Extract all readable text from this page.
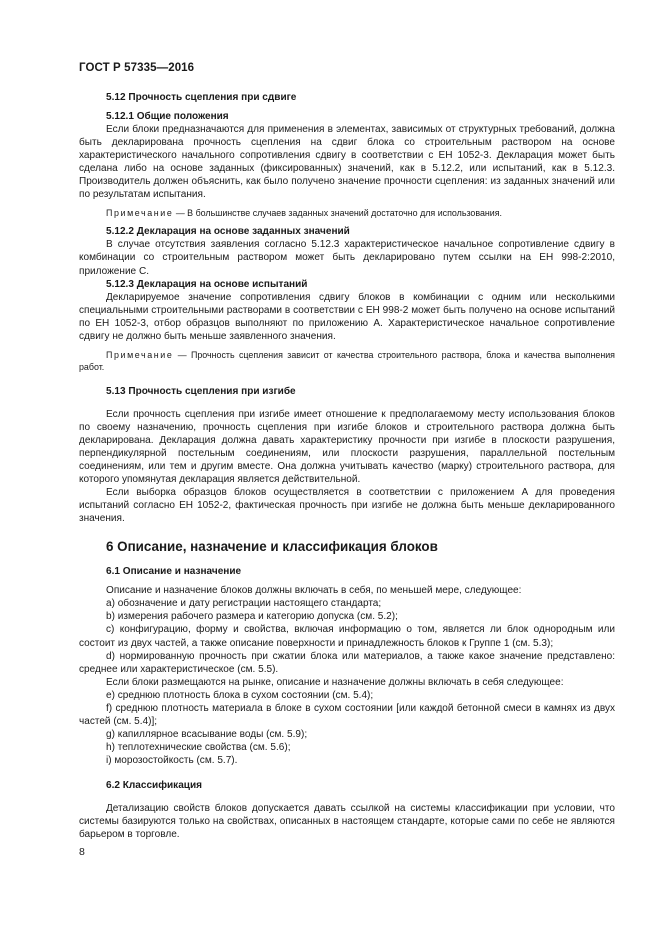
ГОСТ Р 57335—2016

5.12 Прочность сцепления при сдвиге

5.12.1 Общие положения

Если блоки предназначаются для применения в элементах, зависимых от структурных требований, должна быть декларирована прочность сцепления на сдвиг блока со строительным раствором на основе характеристического начального сопротивления сдвигу в соответствии с ЕН 1052-3. Декларация может быть сделана либо на основе заданных (фиксированных) значений, как в 5.12.2, или испытаний, как в 5.12.3. Производитель должен объяснить, как было получено значение прочности сцепления: из заданных значений или по результатам испытания.

Примечание — В большинстве случаев заданных значений достаточно для использования.

5.12.2 Декларация на основе заданных значений

В случае отсутствия заявления согласно 5.12.3 характеристическое начальное сопротивление сдвигу в комбинации со строительным раствором может быть декларировано путем ссылки на ЕН 998-2:2010, приложение С.

5.12.3 Декларация на основе испытаний

Декларируемое значение сопротивления сдвигу блоков в комбинации с одним или несколькими специальными строительными растворами в соответствии с ЕН 998-2 может быть получено на основе испытаний по ЕН 1052-3, отбор образцов выполняют по приложению А. Характеристическое начальное сопротивление сдвигу не должно быть меньше заявленного значения.

Примечание — Прочность сцепления зависит от качества строительного раствора, блока и качества выполнения работ.

5.13 Прочность сцепления при изгибе

Если прочность сцепления при изгибе имеет отношение к предполагаемому месту использования блоков по своему назначению, прочность сцепления при изгибе блоков и строительного раствора должна быть декларирована. Декларация должна давать характеристику прочности при изгибе в плоскости разрушения, перпендикулярной постельным соединениям, или плоскости разрушения, параллельной постельным соединениям, или тем и другим вместе. Она должна учитывать качество (марку) строительного раствора, для которого упомянутая декларация является действительной.

Если выборка образцов блоков осуществляется в соответствии с приложением А для проведения испытаний согласно ЕН 1052-2, фактическая прочность при изгибе не должна быть меньше декларированного значения.

6 Описание, назначение и классификация блоков

6.1 Описание и назначение

Описание и назначение блоков должны включать в себя, по меньшей мере, следующее:

а) обозначение и дату регистрации настоящего стандарта;

b) измерения рабочего размера и категорию допуска (см. 5.2);

с) конфигурацию, форму и свойства, включая информацию о том, является ли блок однородным или состоит из двух частей, а также описание поверхности и принадлежность блоков к Группе 1 (см. 5.3);

d) нормированную прочность при сжатии блока или материалов, а также какое значение представлено: среднее или характеристическое (см. 5.5).

Если блоки размещаются на рынке, описание и назначение должны включать в себя следующее:

е) среднюю плотность блока в сухом состоянии (см. 5.4);

f) среднюю плотность материала в блоке в сухом состоянии [или каждой бетонной смеси в камнях из двух частей (см. 5.4)];

g) капиллярное всасывание воды (см. 5.9);

h) теплотехнические свойства (см. 5.6);

i) морозостойкость (см. 5.7).

6.2 Классификация

Детализацию свойств блоков допускается давать ссылкой на системы классификации при условии, что системы базируются только на свойствах, описанных в настоящем стандарте, которые сами по себе не являются барьером в торговле.

8
